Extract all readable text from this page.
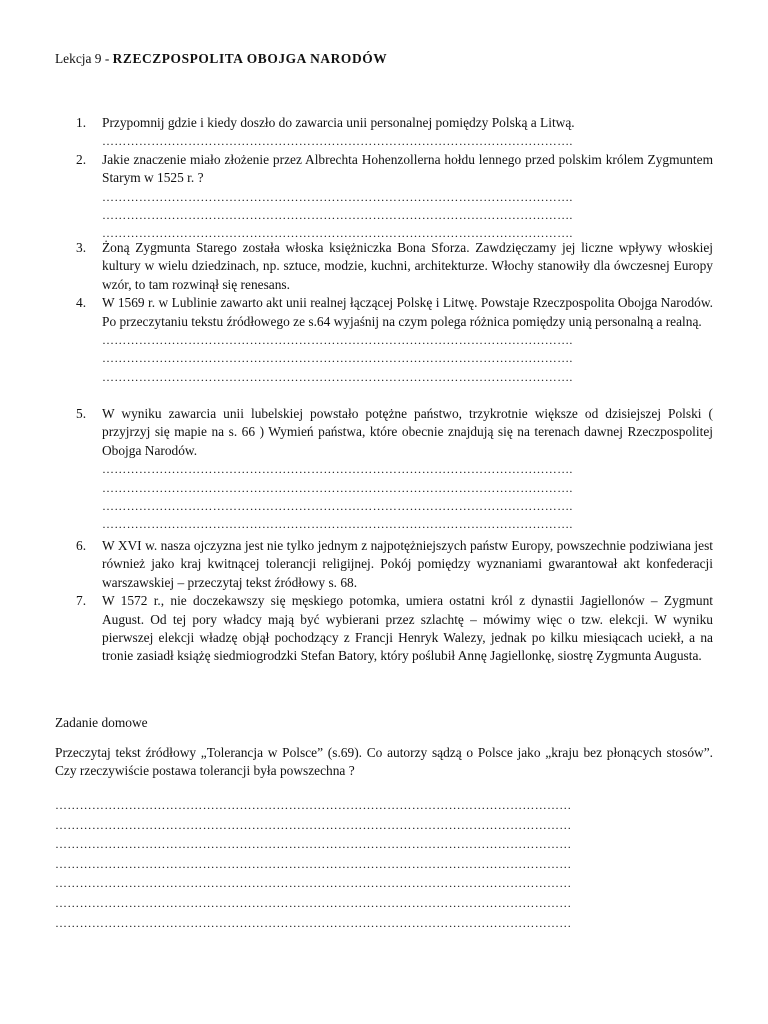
Lekcja 9 - RZECZPOSPOLITA OBOJGA NARODÓW
1. Przypomnij gdzie i kiedy doszło do zawarcia unii personalnej pomiędzy Polską a Litwą.
…………………………………………………………………………………………………….
2. Jakie znaczenie miało złożenie przez Albrechta Hohenzollerna hołdu lennego przed polskim królem Zygmuntem Starym w 1525 r. ?
…………………………………………………………………………………………………….
…………………………………………………………………………………………………….
…………………………………………………………………………………………………….
3. Żoną Zygmunta Starego została włoska księżniczka Bona Sforza. Zawdzięczamy jej liczne wpływy włoskiej kultury w wielu dziedzinach, np. sztuce, modzie, kuchni, architekturze. Włochy stanowiły dla ówczesnej Europy wzór, to tam rozwinął się renesans.
4. W 1569 r. w Lublinie zawarto akt unii realnej łączącej Polskę i Litwę. Powstaje Rzeczpospolita Obojga Narodów. Po przeczytaniu tekstu źródłowego ze s.64 wyjaśnij na czym polega różnica pomiędzy unią personalną a realną.
…………………………………………………………………………………………………….
…………………………………………………………………………………………………….
…………………………………………………………………………………………………….
5. W wyniku zawarcia unii lubelskiej powstało potężne państwo, trzykrotnie większe od dzisiejszej Polski ( przyjrzyj się mapie na s. 66 ) Wymień państwa, które obecnie znajdują się na terenach dawnej Rzeczpospolitej Obojga Narodów.
…………………………………………………………………………………………………….
…………………………………………………………………………………………………….
…………………………………………………………………………………………………….
…………………………………………………………………………………………………….
6. W XVI w. nasza ojczyzna jest nie tylko jednym z najpotężniejszych państw Europy, powszechnie podziwiana jest również jako kraj kwitnącej tolerancji religijnej. Pokój pomiędzy wyznaniami gwarantował akt konfederacji warszawskiej – przeczytaj tekst źródłowy s. 68.
7. W 1572 r., nie doczekawszy się męskiego potomka, umiera ostatni król z dynastii Jagiellonów – Zygmunt August. Od tej pory władcy mają być wybierani przez szlachtę – mówimy więc o tzw. elekcji. W wyniku pierwszej elekcji władzę objął pochodzący z Francji Henryk Walezy, jednak po kilku miesiącach uciekł, a na tronie zasiadł książę siedmiogrodzki Stefan Batory, który poślubił Annę Jagiellonkę, siostrę Zygmunta Augusta.
Zadanie domowe
Przeczytaj tekst źródłowy „Tolerancja w Polsce” (s.69). Co autorzy sądzą o Polsce jako „kraju bez płonących stosów”. Czy rzeczywiście postawa tolerancji była powszechna ?
………………………………………………………………………………………………………………
………………………………………………………………………………………………………………
………………………………………………………………………………………………………………
………………………………………………………………………………………………………………
………………………………………………………………………………………………………………
………………………………………………………………………………………………………………
………………………………………………………………………………………………………………
